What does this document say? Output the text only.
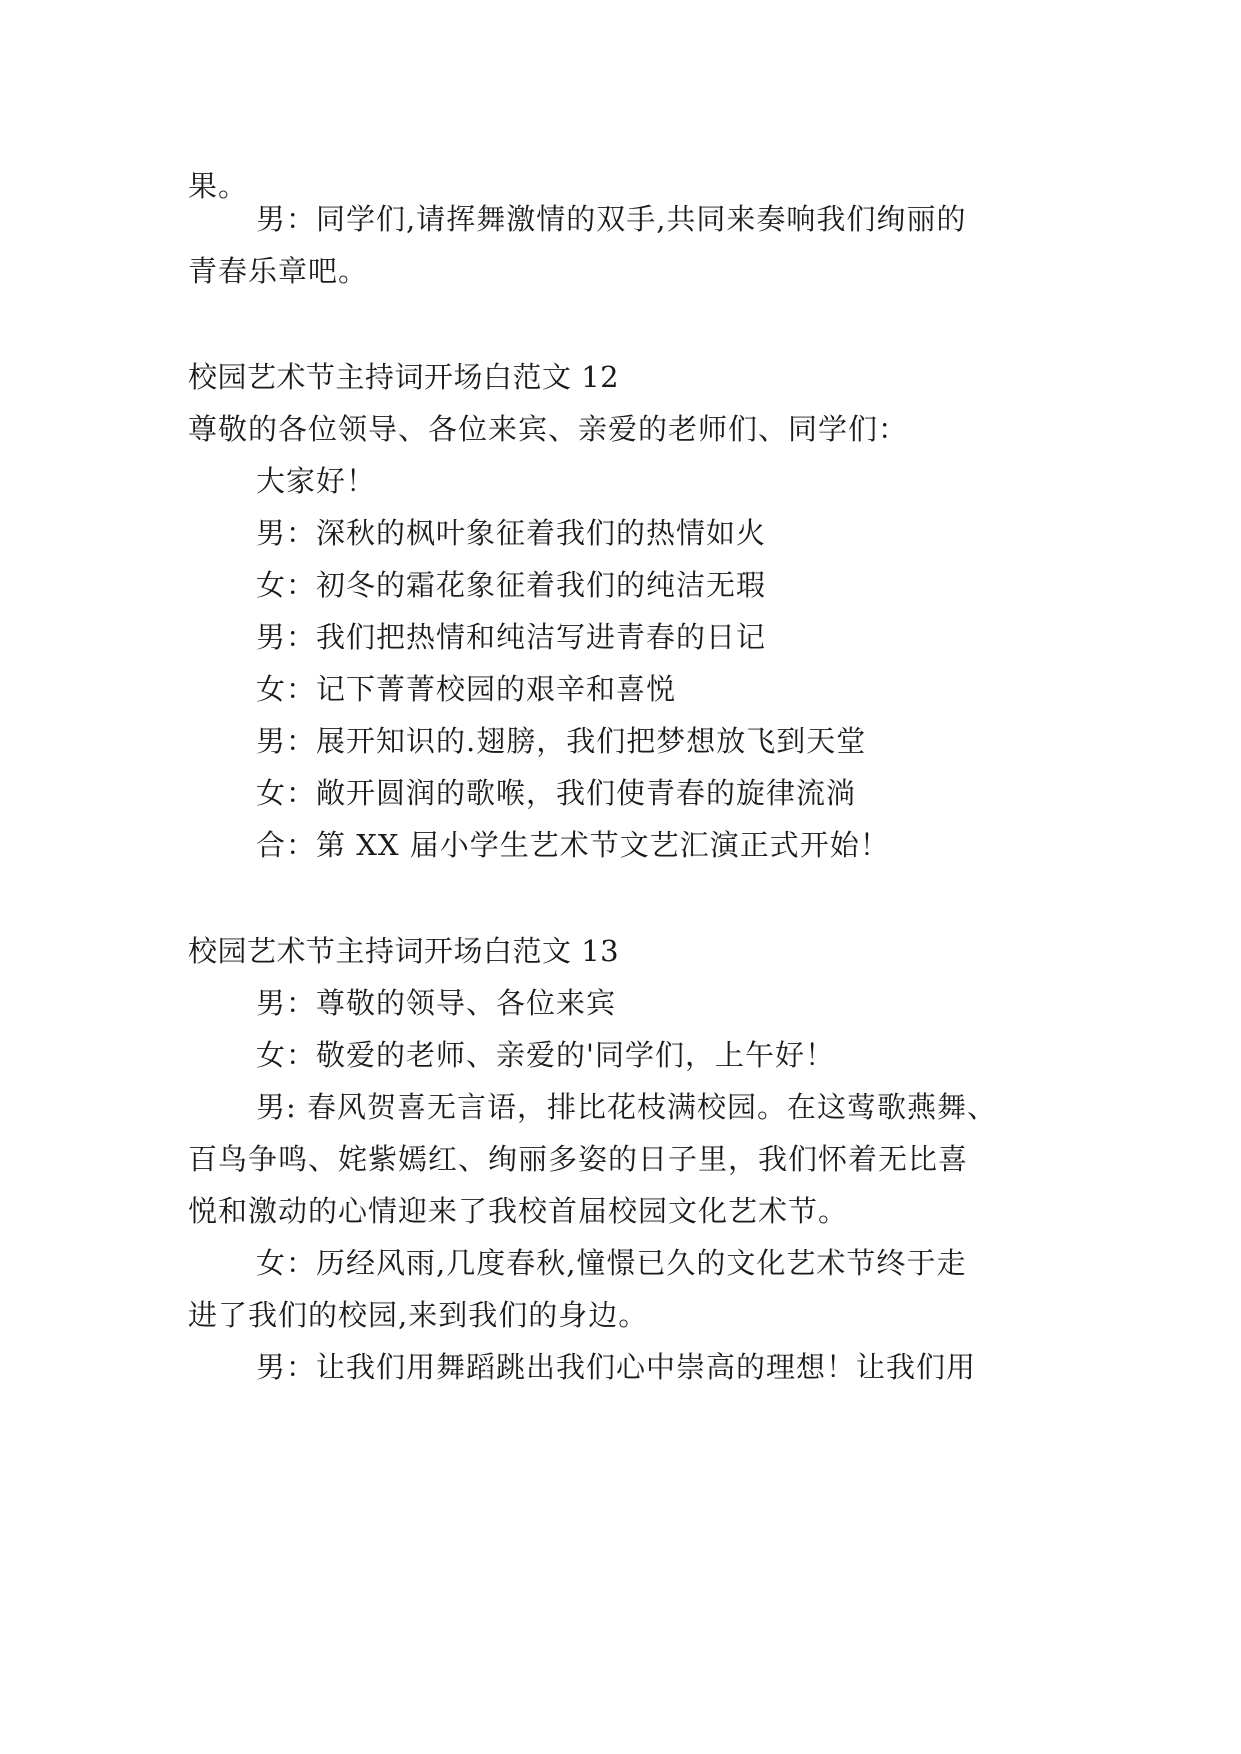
果。
男：同学们,请挥舞激情的双手,共同来奏响我们绚丽的
青春乐章吧。
校园艺术节主持词开场白范文 12
尊敬的各位领导、各位来宾、亲爱的老师们、同学们：
大家好！
男：深秋的枫叶象征着我们的热情如火
女：初冬的霜花象征着我们的纯洁无瑕
男：我们把热情和纯洁写进青春的日记
女：记下菁菁校园的艰辛和喜悦
男：展开知识的.翅膀，我们把梦想放飞到天堂
女：敞开圆润的歌喉，我们使青春的旋律流淌
合：第 XX 届小学生艺术节文艺汇演正式开始！
校园艺术节主持词开场白范文 13
男：尊敬的领导、各位来宾
女：敬爱的老师、亲爱的'同学们，上午好！
男: 春风贺喜无言语，排比花枝满校园。在这莺歌燕舞、
百鸟争鸣、姹紫嫣红、绚丽多姿的日子里，我们怀着无比喜
悦和激动的心情迎来了我校首届校园文化艺术节。
女：历经风雨,几度春秋,憧憬已久的文化艺术节终于走
进了我们的校园,来到我们的身边。
男：让我们用舞蹈跳出我们心中崇高的理想！让我们用
